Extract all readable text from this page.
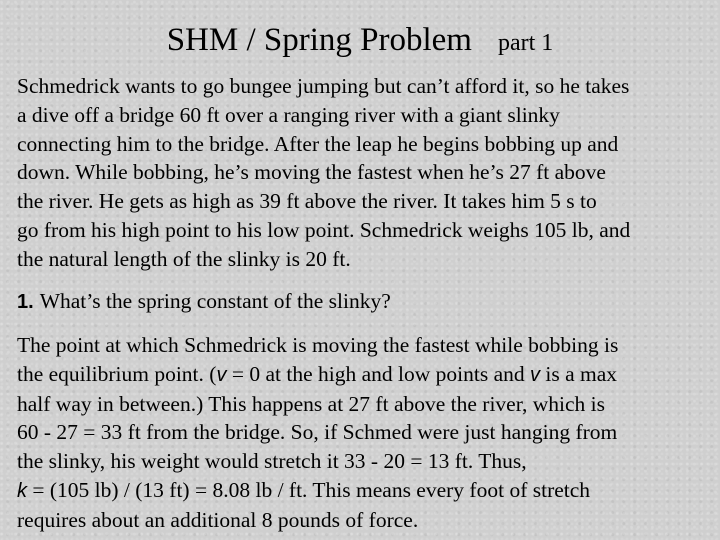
SHM / Spring Problem part 1

Schmedrick wants to go bungee jumping but can’t afford it, so he takes
a dive off a bridge 60 ft over a ranging river with a giant slinky
connecting him to the bridge. After the leap he begins bobbing up and
down. While bobbing, he’s moving the fastest when he’s 27 ft above
the river. He gets as high as 39 ft above the river. It takes him 5 s to
go from his high point to his low point. Schmedrick weighs 105 lb, and
the natural length of the slinky is 20 ft.

1. What’s the spring constant of the slinky?

The point at which Schmedrick is moving the fastest while bobbing is
the equilibrium point. (v = 0 at the high and low points and v is a max
half way in between.) This happens at 27 ft above the river, which is
60 - 27 = 33 ft from the bridge. So, if Schmed were just hanging from
the slinky, his weight would stretch it 33 - 20 = 13 ft. Thus,
k = (105 lb) / (13 ft) = 8.08 lb / ft. This means every foot of stretch
requires about an additional 8 pounds of force.
